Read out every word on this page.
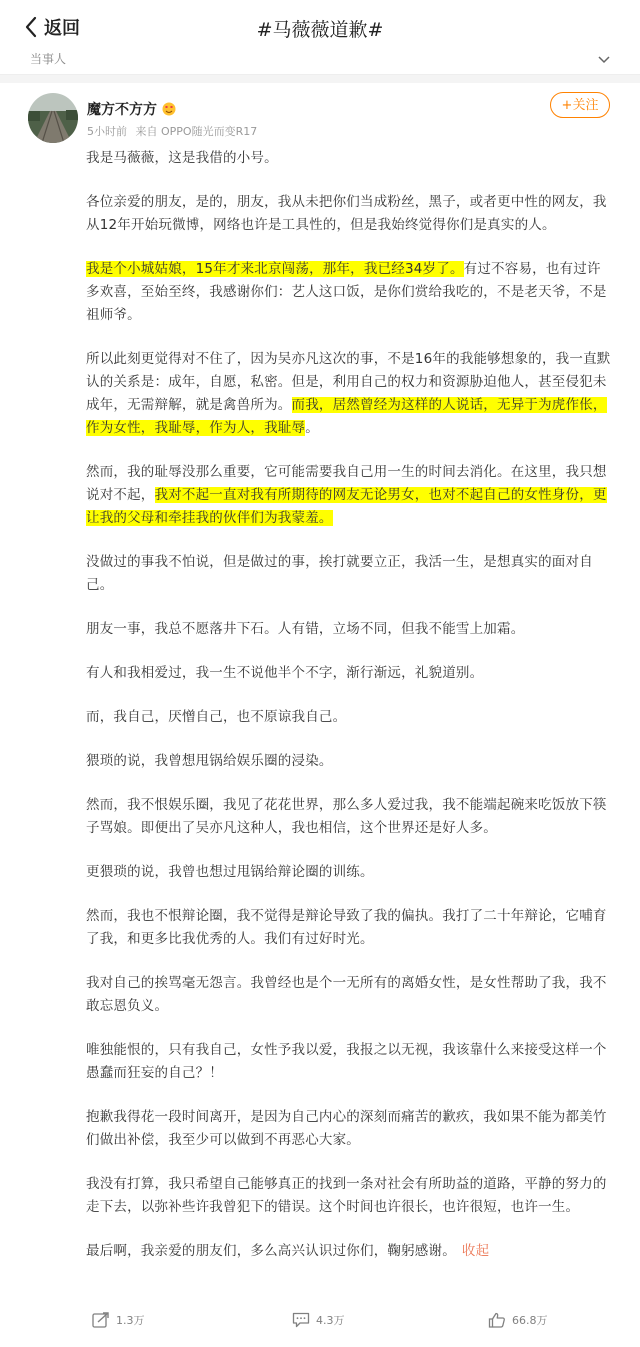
返回	#马薇薇道歉#
当事人
魔方不方方
5小时前 来自 OPPO随光而变R17
+关注

我是马薇薇，这是我借的小号。

各位亲爱的朋友，是的，朋友，我从未把你们当成粉丝，黑子，或者更中性的网友，我从12年开始玩微博，网络也许是工具性的，但是我始终觉得你们是真实的人。

我是个小城姑娘，15年才来北京闯荡，那年，我已经34岁了。有过不容易，也有过许多欢喜，至始至终，我感谢你们：艺人这口饭，是你们赏给我吃的，不是老天爷，不是祖师爷。

所以此刻更觉得对不住了，因为吴亦凡这次的事，不是16年的我能够想象的，我一直默认的关系是：成年，自愿，私密。但是，利用自己的权力和资源胁迫他人，甚至侵犯未成年，无需辩解，就是禽兽所为。而我，居然曾经为这样的人说话，无异于为虎作伥，作为女性，我耻辱，作为人，我耻辱。

然而，我的耻辱没那么重要，它可能需要我自己用一生的时间去消化。在这里，我只想说对不起，我对不起一直对我有所期待的网友无论男女，也对不起自己的女性身份，更让我的父母和牵挂我的伙伴们为我蒙羞。

没做过的事我不怕说，但是做过的事，挨打就要立正，我活一生，是想真实的面对自己。

朋友一事，我总不愿落井下石。人有错，立场不同，但我不能雪上加霜。

有人和我相爱过，我一生不说他半个不字，渐行渐远，礼貌道别。

而，我自己，厌憎自己，也不原谅我自己。

猥琐的说，我曾想甩锅给娱乐圈的浸染。

然而，我不恨娱乐圈，我见了花花世界，那么多人爱过我，我不能端起碗来吃饭放下筷子骂娘。即便出了吴亦凡这种人，我也相信，这个世界还是好人多。

更猥琐的说，我曾也想过甩锅给辩论圈的训练。

然而，我也不恨辩论圈，我不觉得是辩论导致了我的偏执。我打了二十年辩论，它哺育了我，和更多比我优秀的人。我们有过好时光。

我对自己的挨骂毫无怨言。我曾经也是个一无所有的离婚女性，是女性帮助了我，我不敢忘恩负义。

唯独能恨的，只有我自己，女性予我以爱，我报之以无视，我该靠什么来接受这样一个愚蠢而狂妄的自己？！

抱歉我得花一段时间离开，是因为自己内心的深刻而痛苦的歉疚，我如果不能为都美竹们做出补偿，我至少可以做到不再恶心大家。

我没有打算，我只希望自己能够真正的找到一条对社会有所助益的道路，平静的努力的走下去，以弥补些许我曾犯下的错误。这个时间也许很长，也许很短，也许一生。

最后啊，我亲爱的朋友们，多么高兴认识过你们，鞠躬感谢。 收起

1.3万	4.3万	66.8万
